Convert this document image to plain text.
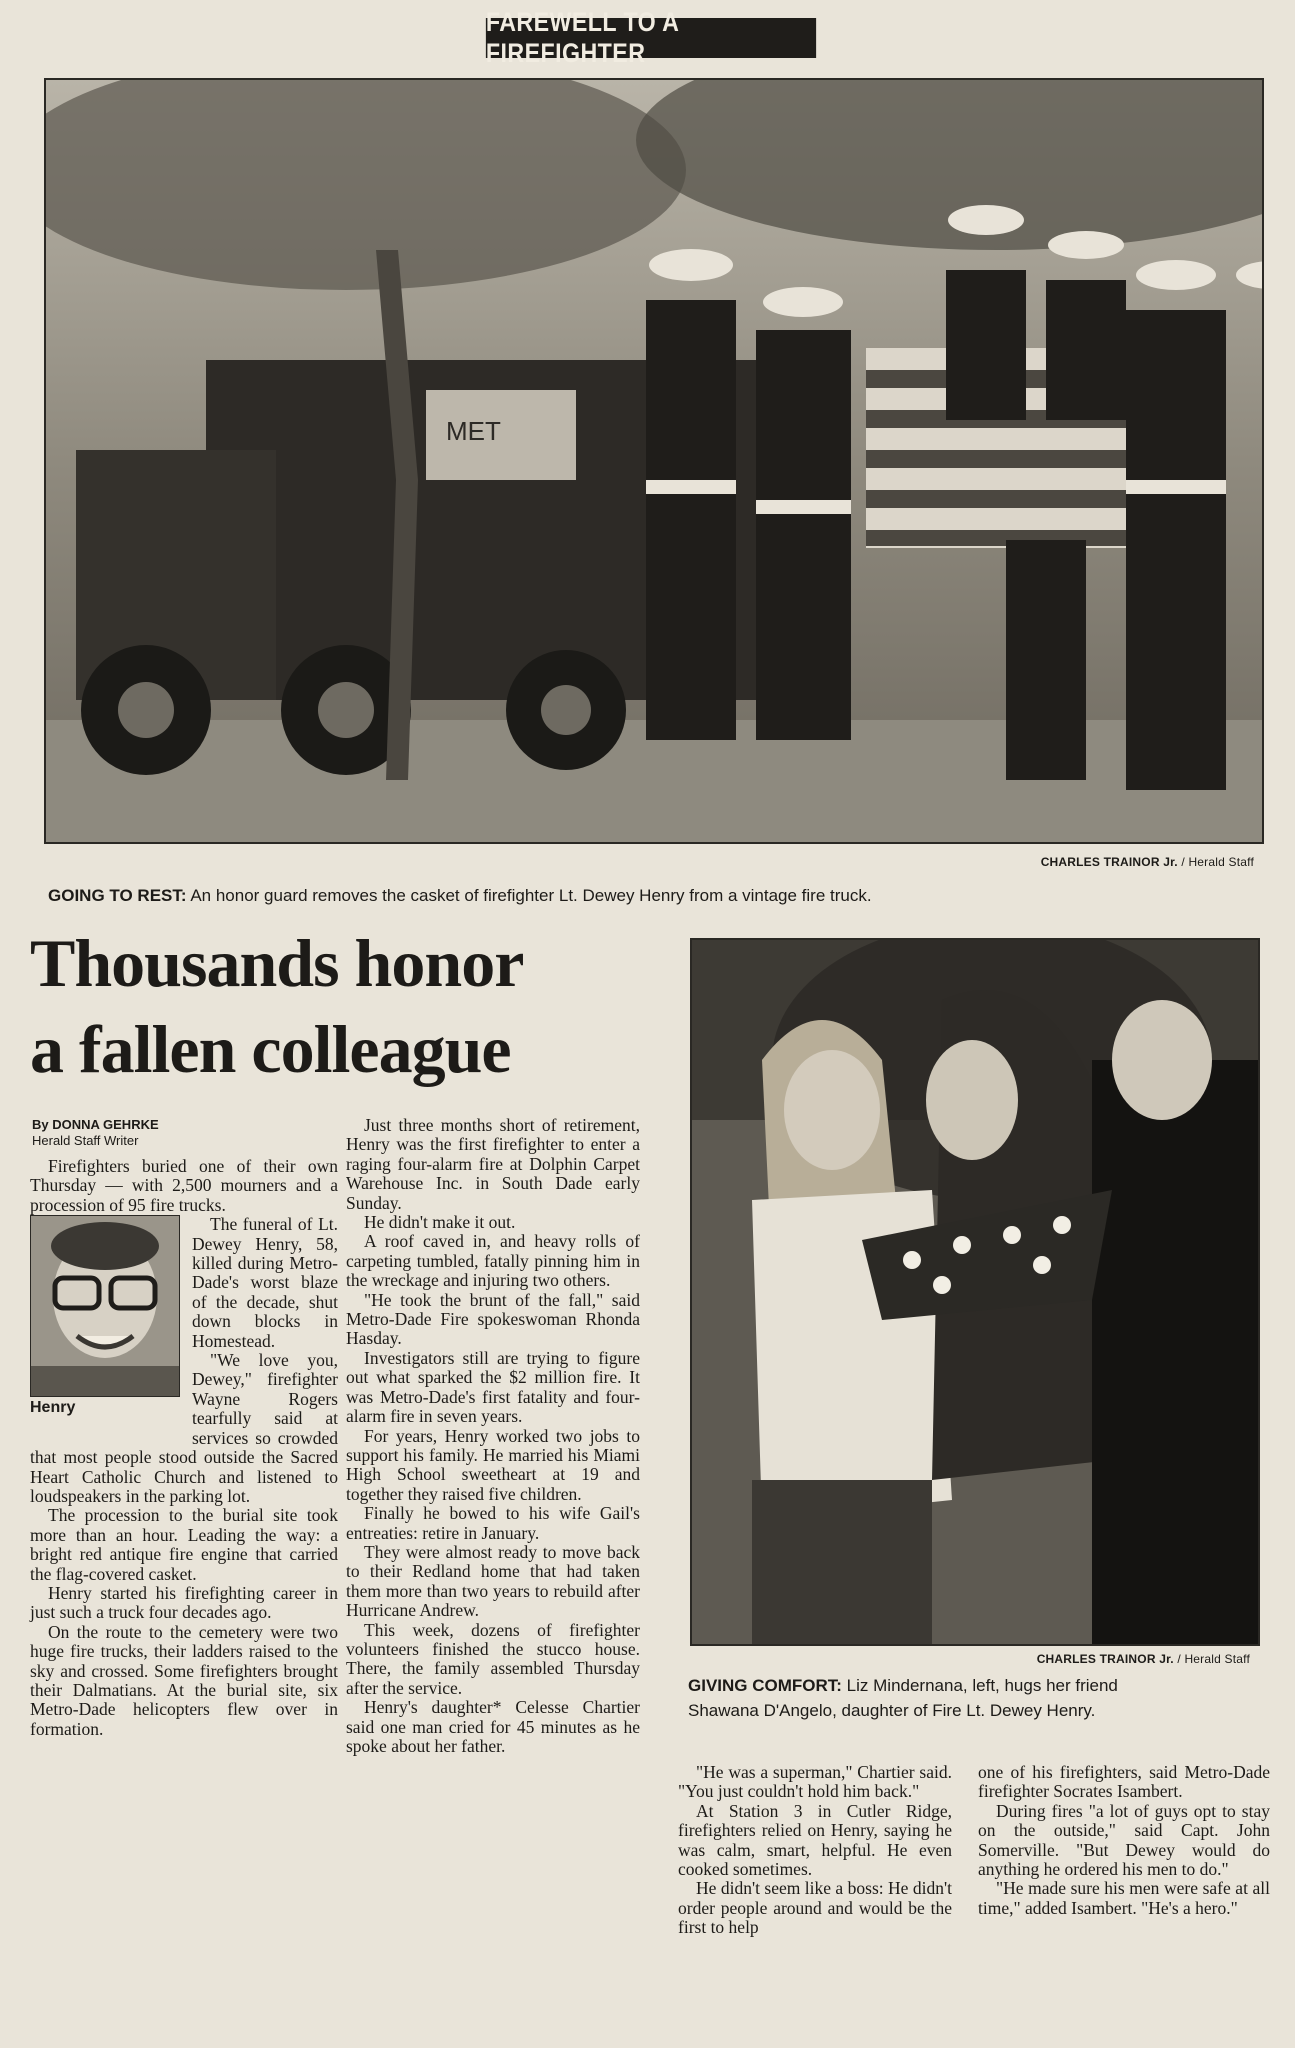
FAREWELL TO A FIREFIGHTER
MET
CHARLES TRAINOR Jr. / Herald Staff
GOING TO REST: An honor guard removes the casket of firefighter Lt. Dewey Henry from a vintage fire truck.
Thousands honor
a fallen colleague
By DONNA GEHRKE
Herald Staff Writer

Firefighters buried one of their own Thursday — with 2,500 mourners and a procession of 95 fire trucks.

Henry

The funeral of Lt. Dewey Henry, 58, killed during Metro-Dade's worst blaze of the decade, shut down blocks in Homestead.

"We love you, Dewey," firefighter Wayne Rogers tearfully said at services so crowded that most people stood outside the Sacred Heart Catholic Church and listened to loudspeakers in the parking lot.

The procession to the burial site took more than an hour. Leading the way: a bright red antique fire engine that carried the flag-covered casket.

Henry started his firefighting career in just such a truck four decades ago.

On the route to the cemetery were two huge fire trucks, their ladders raised to the sky and crossed. Some firefighters brought their Dalmatians. At the burial site, six Metro-Dade helicopters flew over in formation.

Just three months short of retirement, Henry was the first firefighter to enter a raging four-alarm fire at Dolphin Carpet Warehouse Inc. in South Dade early Sunday.

He didn't make it out.

A roof caved in, and heavy rolls of carpeting tumbled, fatally pinning him in the wreckage and injuring two others.

"He took the brunt of the fall," said Metro-Dade Fire spokeswoman Rhonda Hasday.

Investigators still are trying to figure out what sparked the $2 million fire. It was Metro-Dade's first fatality and four-alarm fire in seven years.

For years, Henry worked two jobs to support his family. He married his Miami High School sweetheart at 19 and together they raised five children.

Finally he bowed to his wife Gail's entreaties: retire in January.

They were almost ready to move back to their Redland home that had taken them more than two years to rebuild after Hurricane Andrew.

This week, dozens of firefighter volunteers finished the stucco house. There, the family assembled Thursday after the service.

Henry's daughter* Celesse Chartier said one man cried for 45 minutes as he spoke about her father.

CHARLES TRAINOR Jr. / Herald Staff
GIVING COMFORT: Liz Mindernana, left, hugs her friend
Shawana D'Angelo, daughter of Fire Lt. Dewey Henry.

"He was a superman," Chartier said. "You just couldn't hold him back."

At Station 3 in Cutler Ridge, firefighters relied on Henry, saying he was calm, smart, helpful. He even cooked sometimes.

He didn't seem like a boss: He didn't order people around and would be the first to help

one of his firefighters, said Metro-Dade firefighter Socrates Isambert.

During fires "a lot of guys opt to stay on the outside," said Capt. John Somerville. "But Dewey would do anything he ordered his men to do."

"He made sure his men were safe at all time," added Isambert. "He's a hero."
